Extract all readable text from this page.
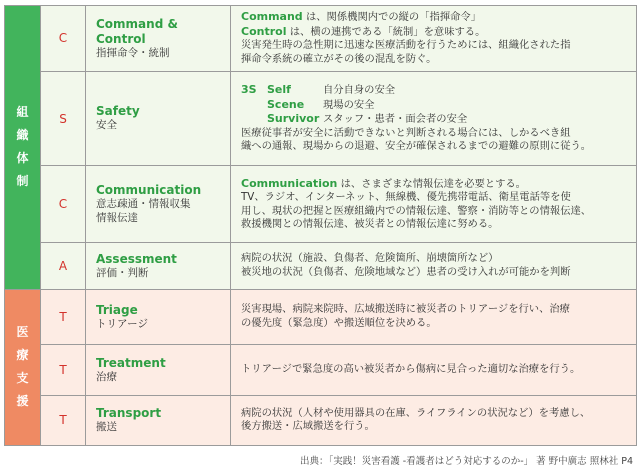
組
織
体
制	C	Command & Control
指揮命令・統制	Command は、関係機関内での縦の「指揮命令」
Control は、横の連携である「統制」を意味する。
災害発生時の急性期に迅速な医療活動を行うためには、組織化された指
揮命令系統の確立がその後の混乱を防ぐ。

	S	Safety
安全	3S Self 自分自身の安全
Scene 現場の安全
Survivor スタッフ・患者・面会者の安全
医療従事者が安全に活動できないと判断される場合には、しかるべき組
織への通報、現場からの退避、安全が確保されるまでの避難の原則に従う。

	C	Communication
意志疎通・情報収集
情報伝達	Communication は、さまざまな情報伝達を必要とする。
TV、ラジオ、インターネット、無線機、優先携帯電話、衛星電話等を使
用し、現状の把握と医療組織内での情報伝達、警察・消防等との情報伝達、
救援機関との情報伝達、被災者との情報伝達に努める。

	A	Assessment
評価・判断	病院の状況（施設、負傷者、危険箇所、崩壊箇所など）
被災地の状況（負傷者、危険地域など）患者の受け入れが可能かを判断

医
療
支
援	T	Triage
トリアージ	災害現場、病院来院時、広域搬送時に被災者のトリアージを行い、治療
の優先度（緊急度）や搬送順位を決める。

	T	Treatment
治療	トリアージで緊急度の高い被災者から傷病に見合った適切な治療を行う。

	T	Transport
搬送	病院の状況（人材や使用器具の在庫、ライフラインの状況など）を考慮し、
後方搬送・広域搬送を行う。
出典：「実践！災害看護 ‐看護者はどう対応するのか‐」 著 野中廣志 照林社 P4
